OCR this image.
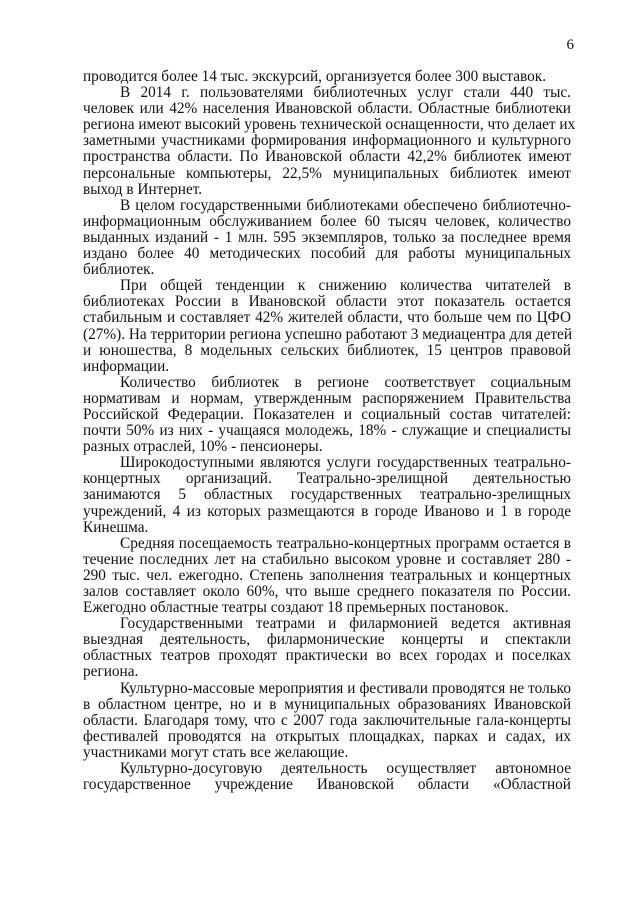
6

проводится более 14 тыс. экскурсий, организуется более 300 выставок.

В 2014 г. пользователями библиотечных услуг стали 440 тыс.
человек или 42% населения Ивановской области. Областные библиотеки
региона имеют высокий уровень технической оснащенности, что делает их
заметными участниками формирования информационного и культурного
пространства области. По Ивановской области 42,2% библиотек имеют
персональные компьютеры, 22,5% муниципальных библиотек имеют
выход в Интернет.

В целом государственными библиотеками обеспечено библиотечно-
информационным обслуживанием более 60 тысяч человек, количество
выданных изданий - 1 млн. 595 экземпляров, только за последнее время
издано более 40 методических пособий для работы муниципальных
библиотек.

При общей тенденции к снижению количества читателей в
библиотеках России в Ивановской области этот показатель остается
стабильным и составляет 42% жителей области, что больше чем по ЦФО
(27%). На территории региона успешно работают 3 медиацентра для детей
и юношества, 8 модельных сельских библиотек, 15 центров правовой
информации.

Количество библиотек в регионе соответствует социальным
нормативам и нормам, утвержденным распоряжением Правительства
Российской Федерации. Показателен и социальный состав читателей:
почти 50% из них - учащаяся молодежь, 18% - служащие и специалисты
разных отраслей, 10% - пенсионеры.

Широкодоступными являются услуги государственных театрально-
концертных организаций. Театрально-зрелищной деятельностью
занимаются 5 областных государственных театрально-зрелищных
учреждений, 4 из которых размещаются в городе Иваново и 1 в городе
Кинешма.

Средняя посещаемость театрально-концертных программ остается в
течение последних лет на стабильно высоком уровне и составляет 280 -
290 тыс. чел. ежегодно. Степень заполнения театральных и концертных
залов составляет около 60%, что выше среднего показателя по России.
Ежегодно областные театры создают 18 премьерных постановок.

Государственными театрами и филармонией ведется активная
выездная деятельность, филармонические концерты и спектакли
областных театров проходят практически во всех городах и поселках
региона.

Культурно-массовые мероприятия и фестивали проводятся не только
в областном центре, но и в муниципальных образованиях Ивановской
области. Благодаря тому, что с 2007 года заключительные гала-концерты
фестивалей проводятся на открытых площадках, парках и садах, их
участниками могут стать все желающие.

Культурно-досуговую деятельность осуществляет автономное
государственное учреждение Ивановской области «Областной
